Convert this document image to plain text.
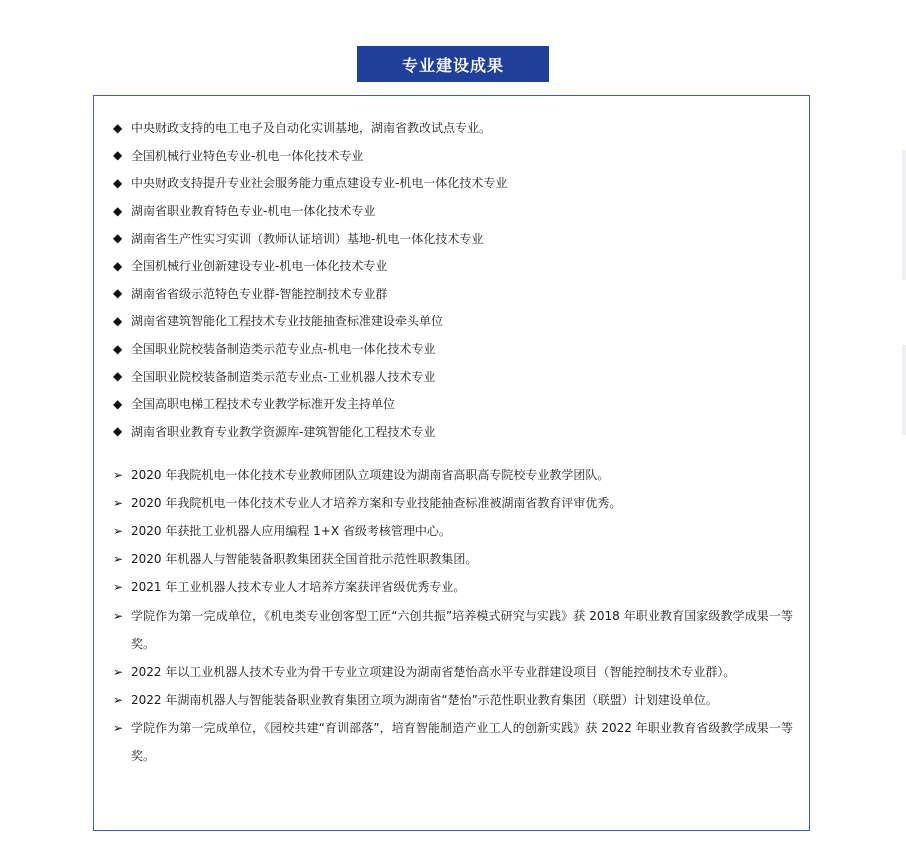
专业建设成果
◆ 中央财政支持的电工电子及自动化实训基地，湖南省教改试点专业。
◆ 全国机械行业特色专业-机电一体化技术专业
◆ 中央财政支持提升专业社会服务能力重点建设专业-机电一体化技术专业
◆ 湖南省职业教育特色专业-机电一体化技术专业
◆ 湖南省生产性实习实训（教师认证培训）基地-机电一体化技术专业
◆ 全国机械行业创新建设专业-机电一体化技术专业
◆ 湖南省省级示范特色专业群-智能控制技术专业群
◆ 湖南省建筑智能化工程技术专业技能抽查标准建设牵头单位
◆ 全国职业院校装备制造类示范专业点-机电一体化技术专业
◆ 全国职业院校装备制造类示范专业点-工业机器人技术专业
◆ 全国高职电梯工程技术专业教学标准开发主持单位
◆ 湖南省职业教育专业教学资源库-建筑智能化工程技术专业
➢ 2020 年我院机电一体化技术专业教师团队立项建设为湖南省高职高专院校专业教学团队。
➢ 2020 年我院机电一体化技术专业人才培养方案和专业技能抽查标准被湖南省教育评审优秀。
➢ 2020 年获批工业机器人应用编程 1+X 省级考核管理中心。
➢ 2020 年机器人与智能装备职教集团获全国首批示范性职教集团。
➢ 2021 年工业机器人技术专业人才培养方案获评省级优秀专业。
➢ 学院作为第一完成单位，《机电类专业创客型工匠“六创共振”培养模式研究与实践》获 2018 年职业教育国家级教学成果一等奖。
➢ 2022 年以工业机器人技术专业为骨干专业立项建设为湖南省楚怡高水平专业群建设项目（智能控制技术专业群）。
➢ 2022 年湖南机器人与智能装备职业教育集团立项为湖南省“楚怡”示范性职业教育集团（联盟）计划建设单位。
➢ 学院作为第一完成单位，《园校共建“育训部落”，培育智能制造产业工人的创新实践》获 2022 年职业教育省级教学成果一等奖。
